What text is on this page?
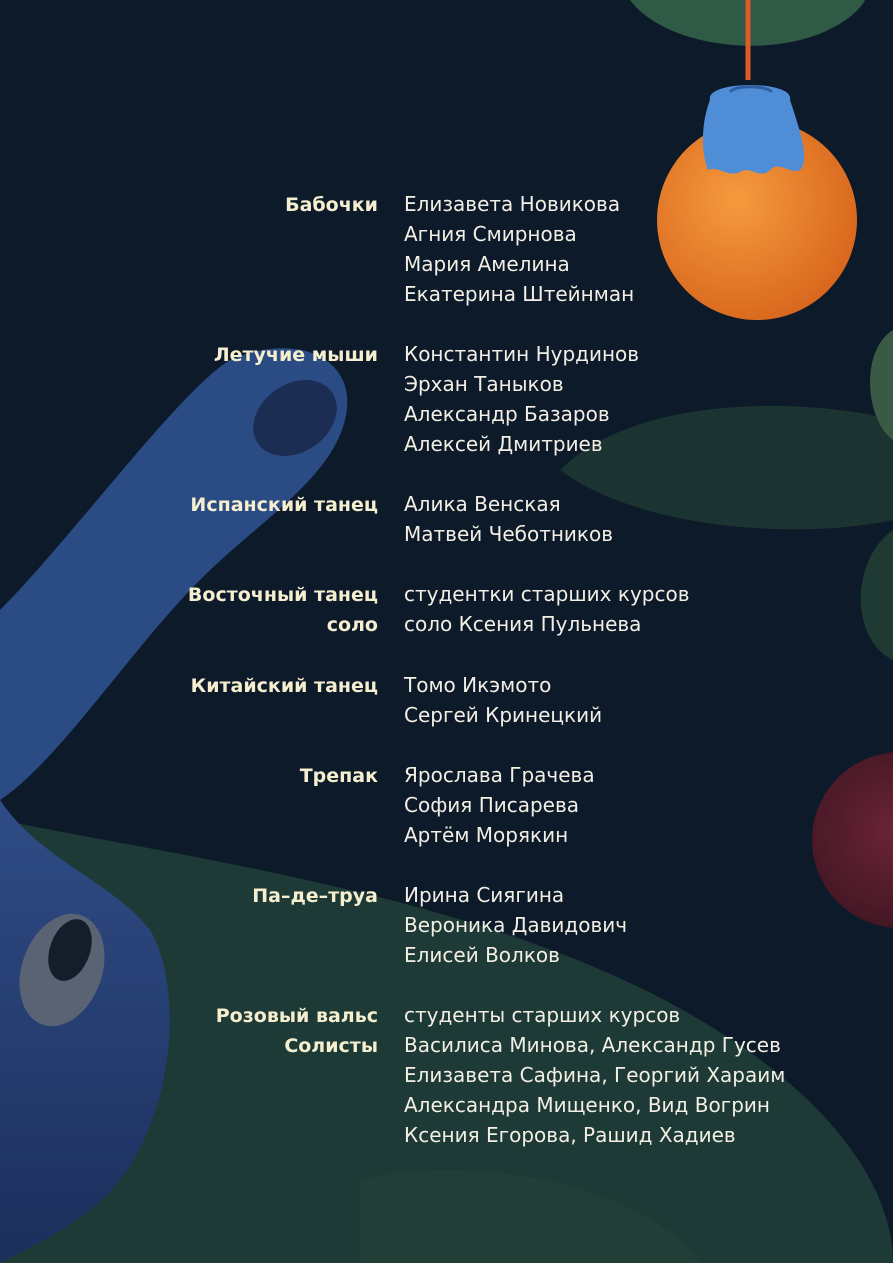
Бабочки Елизавета Новикова
Агния Смирнова
Мария Амелина
Екатерина Штейнман
Летучие мыши Константин Нурдинов
Эрхан Таныков
Александр Базаров
Алексей Дмитриев
Испанский танец Алика Венская
Матвей Чеботников
Восточный танец
соло
студентки старших курсов
соло Ксения Пульнева
Китайский танец Томо Икэмото
Сергей Кринецкий
Трепак Ярослава Грачева
София Писарева
Артём Морякин
Па–де–труа Ирина Сиягина
Вероника Давидович
Елисей Волков
Розовый вальс
Солисты
студенты старших курсов
Василиса Минова, Александр Гусев
Елизавета Сафина, Георгий Хараим
Александра Мищенко, Вид Вогрин
Ксения Егорова, Рашид Хадиев
